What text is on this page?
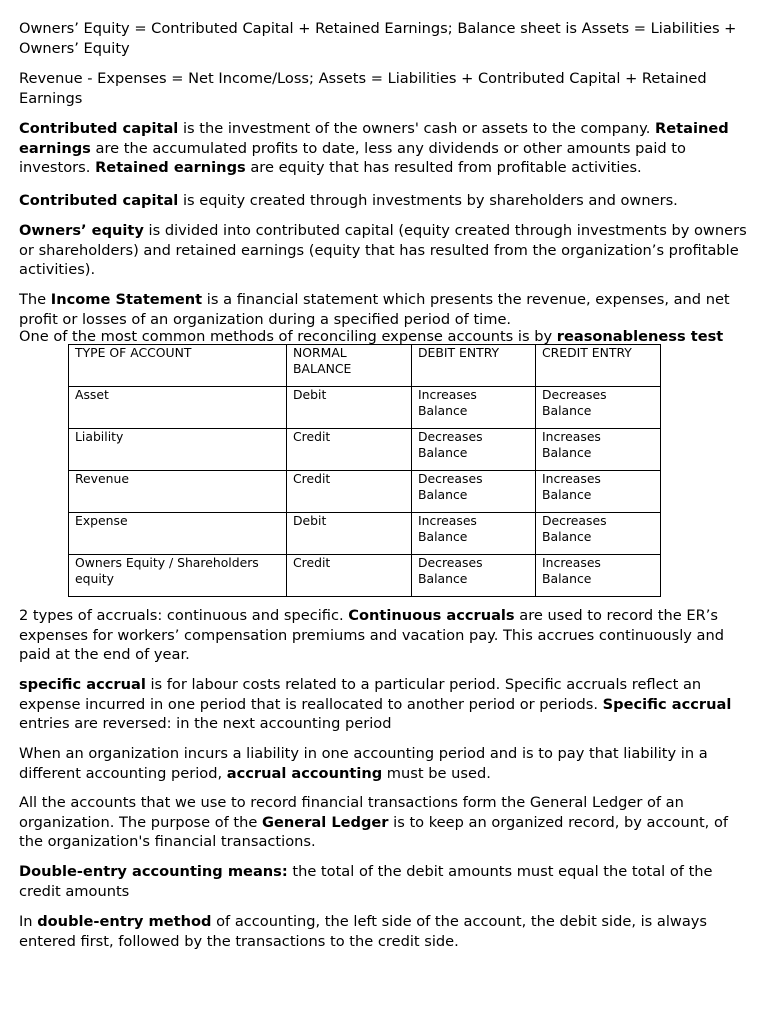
Owners’ Equity = Contributed Capital + Retained Earnings; Balance sheet is Assets = Liabilities + Owners’ Equity

Revenue - Expenses = Net Income/Loss; Assets = Liabilities + Contributed Capital + Retained Earnings

Contributed capital is the investment of the owners' cash or assets to the company. Retained earnings are the accumulated profits to date, less any dividends or other amounts paid to investors. Retained earnings are equity that has resulted from profitable activities.

Contributed capital is equity created through investments by shareholders and owners.

Owners’ equity is divided into contributed capital (equity created through investments by owners or shareholders) and retained earnings (equity that has resulted from the organization’s profitable activities).

The Income Statement is a financial statement which presents the revenue, expenses, and net profit or losses of an organization during a specified period of time.

One of the most common methods of reconciling expense accounts is by reasonableness test

TYPE OF ACCOUNT	NORMAL BALANCE	DEBIT ENTRY	CREDIT ENTRY
Asset	Debit	Increases Balance	Decreases Balance
Liability	Credit	Decreases Balance	Increases Balance
Revenue	Credit	Decreases Balance	Increases Balance
Expense	Debit	Increases Balance	Decreases Balance
Owners Equity / Shareholders equity	Credit	Decreases Balance	Increases Balance

2 types of accruals: continuous and specific. Continuous accruals are used to record the ER’s expenses for workers’ compensation premiums and vacation pay. This accrues continuously and paid at the end of year.

specific accrual is for labour costs related to a particular period. Specific accruals reflect an expense incurred in one period that is reallocated to another period or periods. Specific accrual entries are reversed: in the next accounting period

When an organization incurs a liability in one accounting period and is to pay that liability in a different accounting period, accrual accounting must be used.

All the accounts that we use to record financial transactions form the General Ledger of an organization. The purpose of the General Ledger is to keep an organized record, by account, of the organization's financial transactions.

Double-entry accounting means: the total of the debit amounts must equal the total of the credit amounts

In double-entry method of accounting, the left side of the account, the debit side, is always entered first, followed by the transactions to the credit side.
